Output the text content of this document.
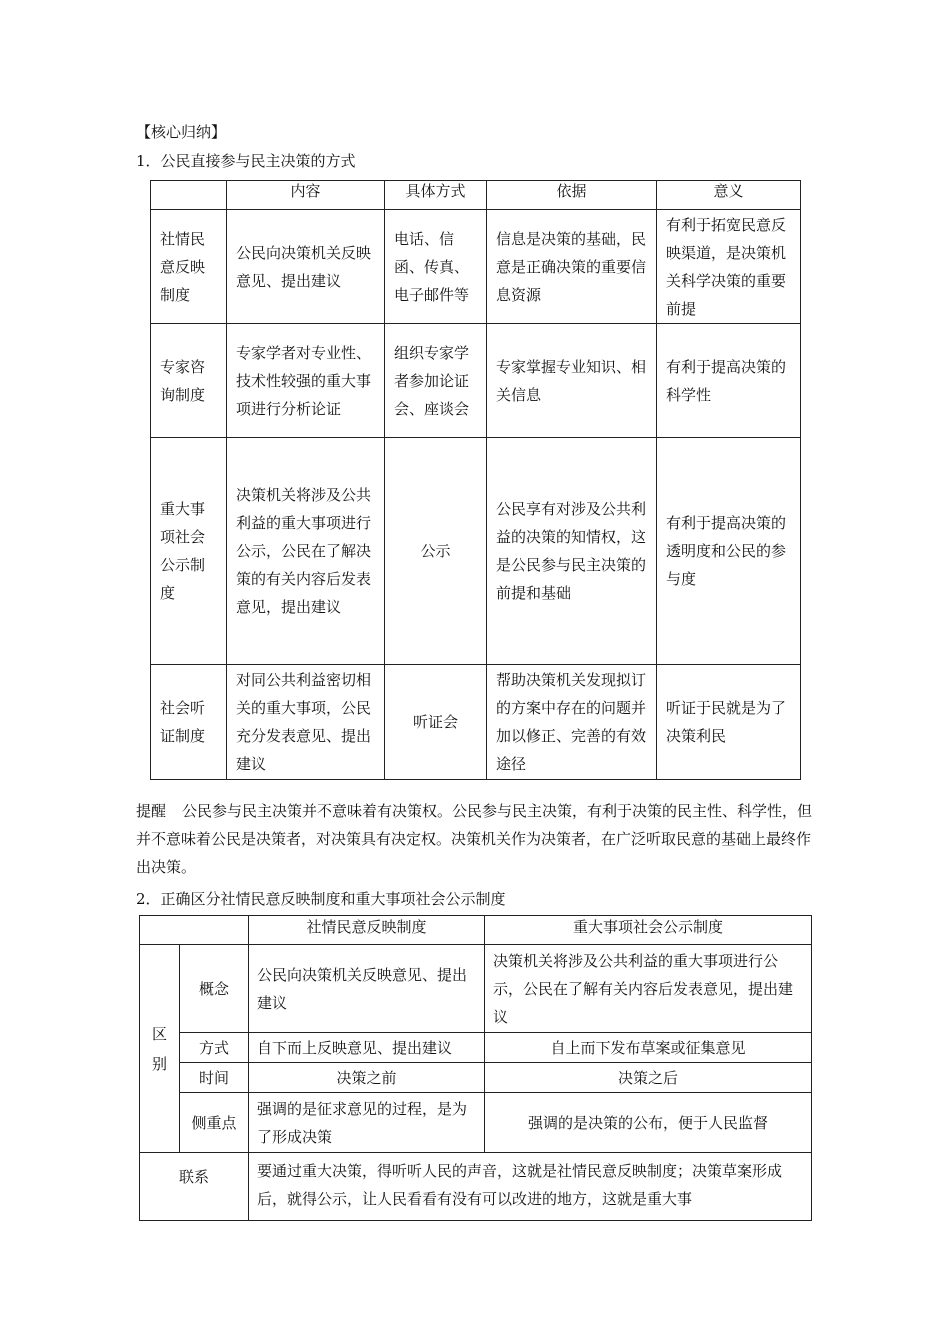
【核心归纳】
1．公民直接参与民主决策的方式
	内容	具体方式	依据	意义
社情民意反映制度	公民向决策机关反映意见、提出建议	电话、信函、传真、电子邮件等	信息是决策的基础，民意是正确决策的重要信息资源	有利于拓宽民意反映渠道，是决策机关科学决策的重要前提
专家咨询制度	专家学者对专业性、技术性较强的重大事项进行分析论证	组织专家学者参加论证会、座谈会	专家掌握专业知识、相关信息	有利于提高决策的科学性
重大事项社会公示制度	决策机关将涉及公共利益的重大事项进行公示，公民在了解决策的有关内容后发表意见，提出建议	公示	公民享有对涉及公共利益的决策的知情权，这是公民参与民主决策的前提和基础	有利于提高决策的透明度和公民的参与度
社会听证制度	对同公共利益密切相关的重大事项，公民充分发表意见、提出建议	听证会	帮助决策机关发现拟订的方案中存在的问题并加以修正、完善的有效途径	听证于民就是为了决策利民
提醒 公民参与民主决策并不意味着有决策权。公民参与民主决策，有利于决策的民主性、科学性，但并不意味着公民是决策者，对决策具有决定权。决策机关作为决策者，在广泛听取民意的基础上最终作出决策。
2．正确区分社情民意反映制度和重大事项社会公示制度
		社情民意反映制度	重大事项社会公示制度

区别	概念	公民向决策机关反映意见、提出建议	决策机关将涉及公共利益的重大事项进行公示，公民在了解有关内容后发表意见，提出建议
	方式	自下而上反映意见、提出建议	自上而下发布草案或征集意见
	时间	决策之前	决策之后
	侧重点	强调的是征求意见的过程，是为了形成决策	强调的是决策的公布，便于人民监督
联系		要通过重大决策，得听听人民的声音，这就是社情民意反映制度；决策草案形成后，就得公示，让人民看看有没有可以改进的地方，这就是重大事	
